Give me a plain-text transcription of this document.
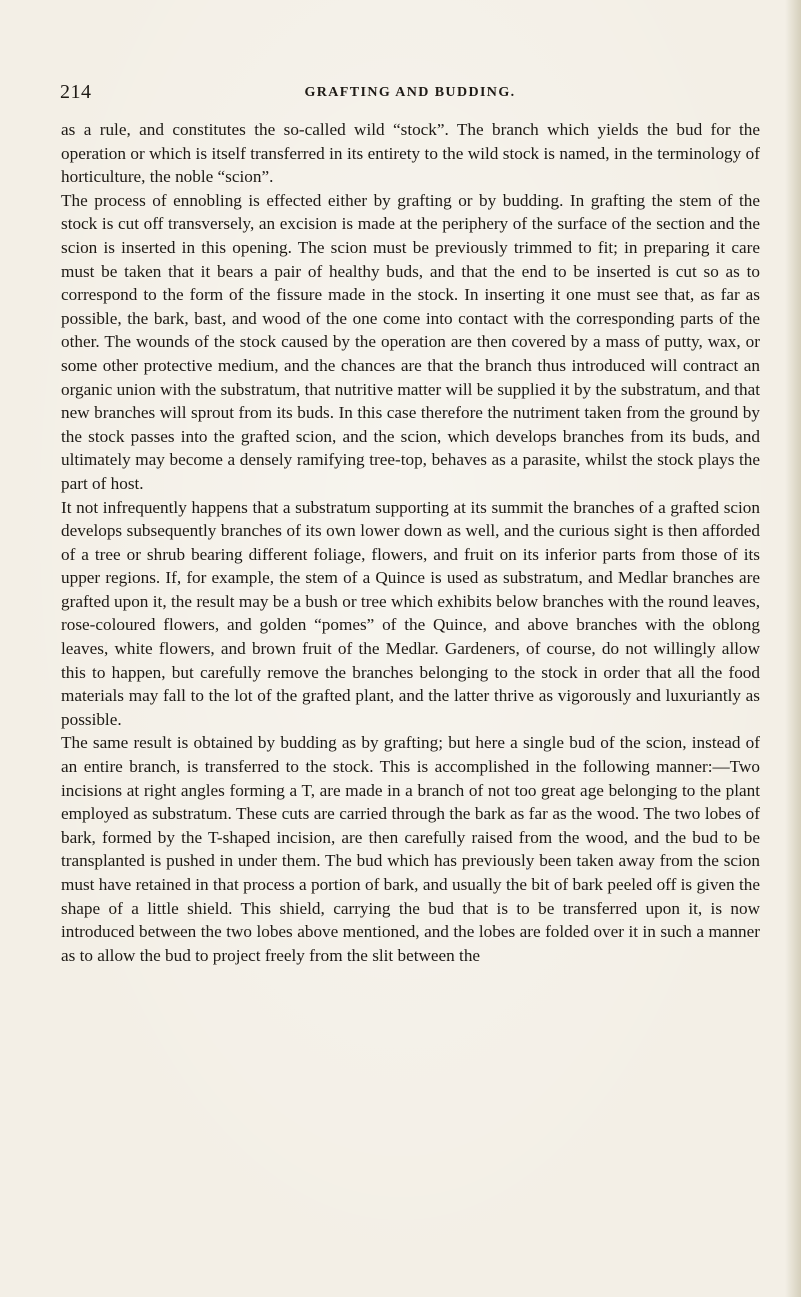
214	GRAFTING AND BUDDING.

as a rule, and constitutes the so-called wild “stock”. The branch which yields the bud for the operation or which is itself transferred in its entirety to the wild stock is named, in the terminology of horticulture, the noble “scion”.

The process of ennobling is effected either by grafting or by budding. In grafting the stem of the stock is cut off transversely, an excision is made at the periphery of the surface of the section and the scion is inserted in this opening. The scion must be previously trimmed to fit; in preparing it care must be taken that it bears a pair of healthy buds, and that the end to be inserted is cut so as to correspond to the form of the fissure made in the stock. In inserting it one must see that, as far as possible, the bark, bast, and wood of the one come into contact with the corresponding parts of the other. The wounds of the stock caused by the operation are then covered by a mass of putty, wax, or some other protective medium, and the chances are that the branch thus introduced will contract an organic union with the substratum, that nutritive matter will be supplied it by the substratum, and that new branches will sprout from its buds. In this case therefore the nutriment taken from the ground by the stock passes into the grafted scion, and the scion, which develops branches from its buds, and ultimately may become a densely ramifying tree-top, behaves as a parasite, whilst the stock plays the part of host.

It not infrequently happens that a substratum supporting at its summit the branches of a grafted scion develops subsequently branches of its own lower down as well, and the curious sight is then afforded of a tree or shrub bearing different foliage, flowers, and fruit on its inferior parts from those of its upper regions. If, for example, the stem of a Quince is used as substratum, and Medlar branches are grafted upon it, the result may be a bush or tree which exhibits below branches with the round leaves, rose-coloured flowers, and golden “pomes” of the Quince, and above branches with the oblong leaves, white flowers, and brown fruit of the Medlar. Gardeners, of course, do not willingly allow this to happen, but carefully remove the branches belonging to the stock in order that all the food materials may fall to the lot of the grafted plant, and the latter thrive as vigorously and luxuriantly as possible.

The same result is obtained by budding as by grafting; but here a single bud of the scion, instead of an entire branch, is transferred to the stock. This is accomplished in the following manner:—Two incisions at right angles forming a T, are made in a branch of not too great age belonging to the plant employed as substratum. These cuts are carried through the bark as far as the wood. The two lobes of bark, formed by the T-shaped incision, are then carefully raised from the wood, and the bud to be transplanted is pushed in under them. The bud which has previously been taken away from the scion must have retained in that process a portion of bark, and usually the bit of bark peeled off is given the shape of a little shield. This shield, carrying the bud that is to be transferred upon it, is now introduced between the two lobes above mentioned, and the lobes are folded over it in such a manner as to allow the bud to project freely from the slit between the
